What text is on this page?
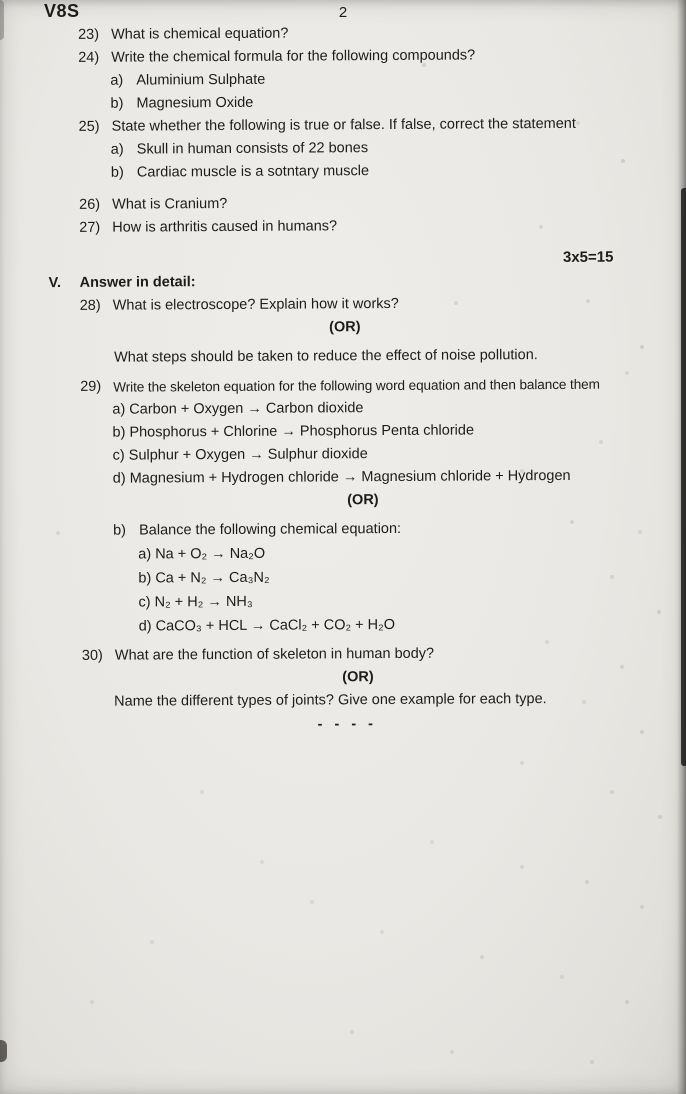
V8S	2
23) What is chemical equation?
24) Write the chemical formula for the following compounds?
a) Aluminium Sulphate
b) Magnesium Oxide
25) State whether the following is true or false. If false, correct the statement
a) Skull in human consists of 22 bones
b) Cardiac muscle is a sotntary muscle
26) What is Cranium?
27) How is arthritis caused in humans?
3x5=15
V.	Answer in detail:
28) What is electroscope? Explain how it works?
(OR)
What steps should be taken to reduce the effect of noise pollution.
29) Write the skeleton equation for the following word equation and then balance them
a) Carbon + Oxygen → Carbon dioxide
b) Phosphorus + Chlorine → Phosphorus Penta chloride
c) Sulphur + Oxygen → Sulphur dioxide
d) Magnesium + Hydrogen chloride → Magnesium chloride + Hydrogen
(OR)
b) Balance the following chemical equation:
a) Na + O₂ → Na₂O
b) Ca + N₂ → Ca₃N₂
c) N₂ + H₂ → NH₃
d) CaCO₃ + HCL → CaCl₂ + CO₂ + H₂O
30) What are the function of skeleton in human body?
(OR)
Name the different types of joints? Give one example for each type.
- - - -
